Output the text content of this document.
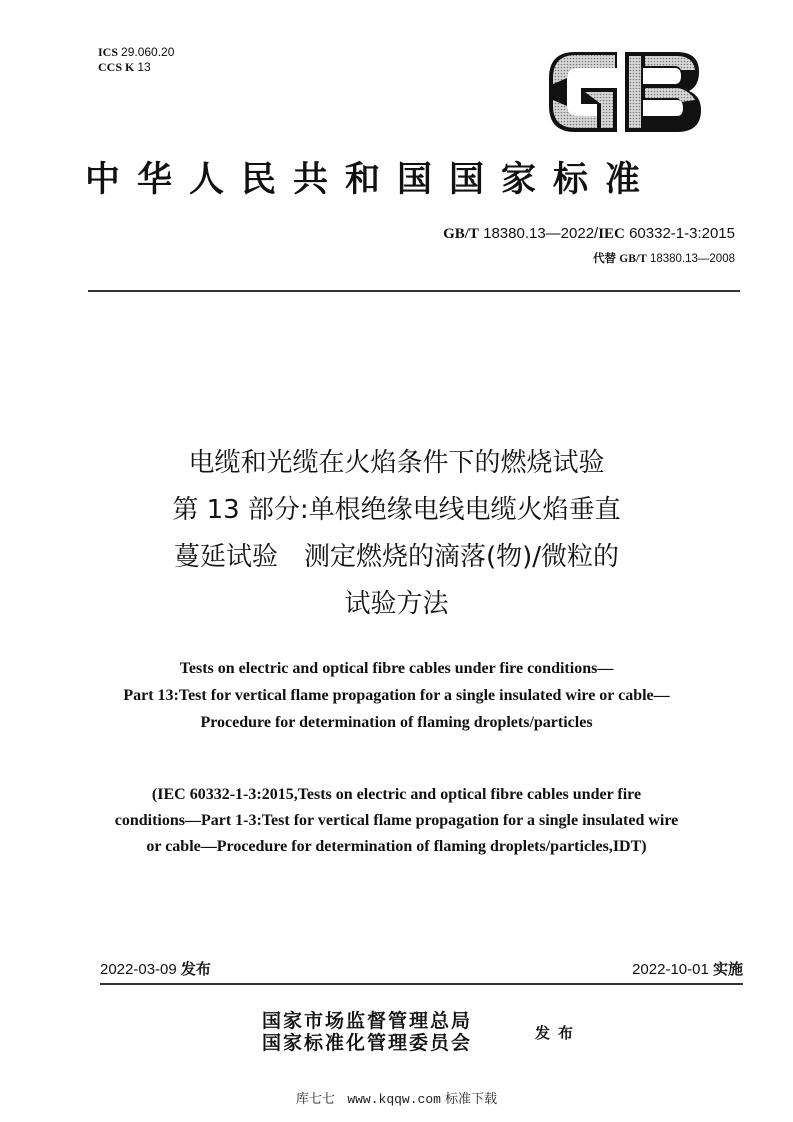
ICS 29.060.20
CCS K 13
中华人民共和国国家标准
GB/T 18380.13—2022/IEC 60332-1-3:2015
代替 GB/T 18380.13—2008
电缆和光缆在火焰条件下的燃烧试验
第 13 部分:单根绝缘电线电缆火焰垂直
蔓延试验　测定燃烧的滴落(物)/微粒的
试验方法
Tests on electric and optical fibre cables under fire conditions—
Part 13:Test for vertical flame propagation for a single insulated wire or cable—
Procedure for determination of flaming droplets/particles
(IEC 60332-1-3:2015,Tests on electric and optical fibre cables under fire
conditions—Part 1-3:Test for vertical flame propagation for a single insulated wire
or cable—Procedure for determination of flaming droplets/particles,IDT)
2022-03-09 发布	2022-10-01 实施
国家市场监督管理总局
国家标准化管理委员会	发布
库七七 www.kqqw.com 标准下载
